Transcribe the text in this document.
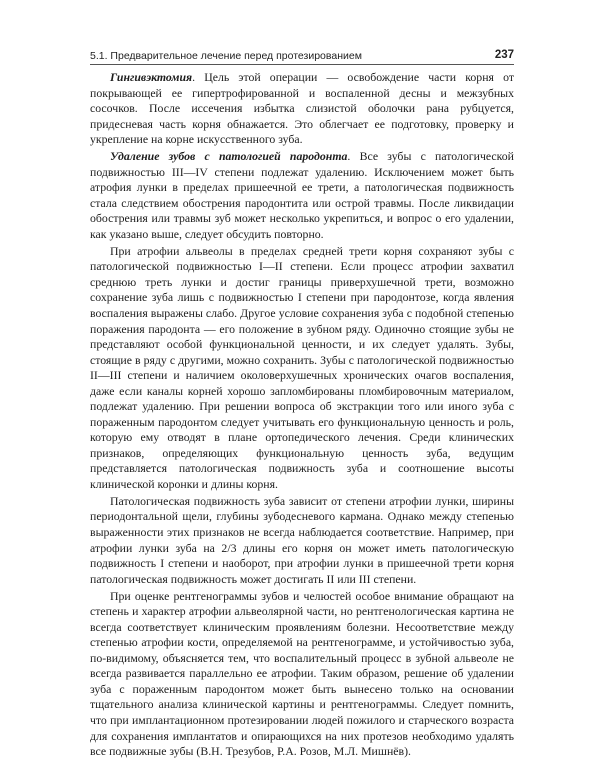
5.1. Предварительное лечение перед протезированием	237

Гингивэктомия. Цель этой операции — освобождение части корня от покрывающей ее гипертрофированной и воспаленной десны и межзубных сосочков. После иссечения избытка слизистой оболочки рана рубцуется, придесневая часть корня обнажается. Это облегчает ее подготовку, проверку и укрепление на корне искусственного зуба.

Удаление зубов с патологией пародонта. Все зубы с патологической подвижностью III—IV степени подлежат удалению. Исключением может быть атрофия лунки в пределах пришеечной ее трети, а патологическая подвижность стала следствием обострения пародонтита или острой травмы. После ликвидации обострения или травмы зуб может несколько укрепиться, и вопрос о его удалении, как указано выше, следует обсудить повторно.

При атрофии альвеолы в пределах средней трети корня сохраняют зубы с патологической подвижностью I—II степени. Если процесс атрофии захватил среднюю треть лунки и достиг границы приверхушечной трети, возможно сохранение зуба лишь с подвижностью I степени при пародонтозе, когда явления воспаления выражены слабо. Другое условие сохранения зуба с подобной степенью поражения пародонта — его положение в зубном ряду. Одиночно стоящие зубы не представляют особой функциональной ценности, и их следует удалять. Зубы, стоящие в ряду с другими, можно сохранить. Зубы с патологической подвижностью II—III степени и наличием околоверхушечных хронических очагов воспаления, даже если каналы корней хорошо запломбированы пломбировочным материалом, подлежат удалению. При решении вопроса об экстракции того или иного зуба с пораженным пародонтом следует учитывать его функциональную ценность и роль, которую ему отводят в плане ортопедического лечения. Среди клинических признаков, определяющих функциональную ценность зуба, ведущим представляется патологическая подвижность зуба и соотношение высоты клинической коронки и длины корня.

Патологическая подвижность зуба зависит от степени атрофии лунки, ширины периодонтальной щели, глубины зубодесневого кармана. Однако между степенью выраженности этих признаков не всегда наблюдается соответствие. Например, при атрофии лунки зуба на 2/3 длины его корня он может иметь патологическую подвижность I степени и наоборот, при атрофии лунки в пришеечной трети корня патологическая подвижность может достигать II или III степени.

При оценке рентгенограммы зубов и челюстей особое внимание обращают на степень и характер атрофии альвеолярной части, но рентгенологическая картина не всегда соответствует клиническим проявлениям болезни. Несоответствие между степенью атрофии кости, определяемой на рентгенограмме, и устойчивостью зуба, по-видимому, объясняется тем, что воспалительный процесс в зубной альвеоле не всегда развивается параллельно ее атрофии. Таким образом, решение об удалении зуба с пораженным пародонтом может быть вынесено только на основании тщательного анализа клинической картины и рентгенограммы. Следует помнить, что при имплантационном протезировании людей пожилого и старческого возраста для сохранения имплантатов и опирающихся на них протезов необходимо удалять все подвижные зубы (В.Н. Трезубов, Р.А. Розов, М.Л. Мишнёв).
